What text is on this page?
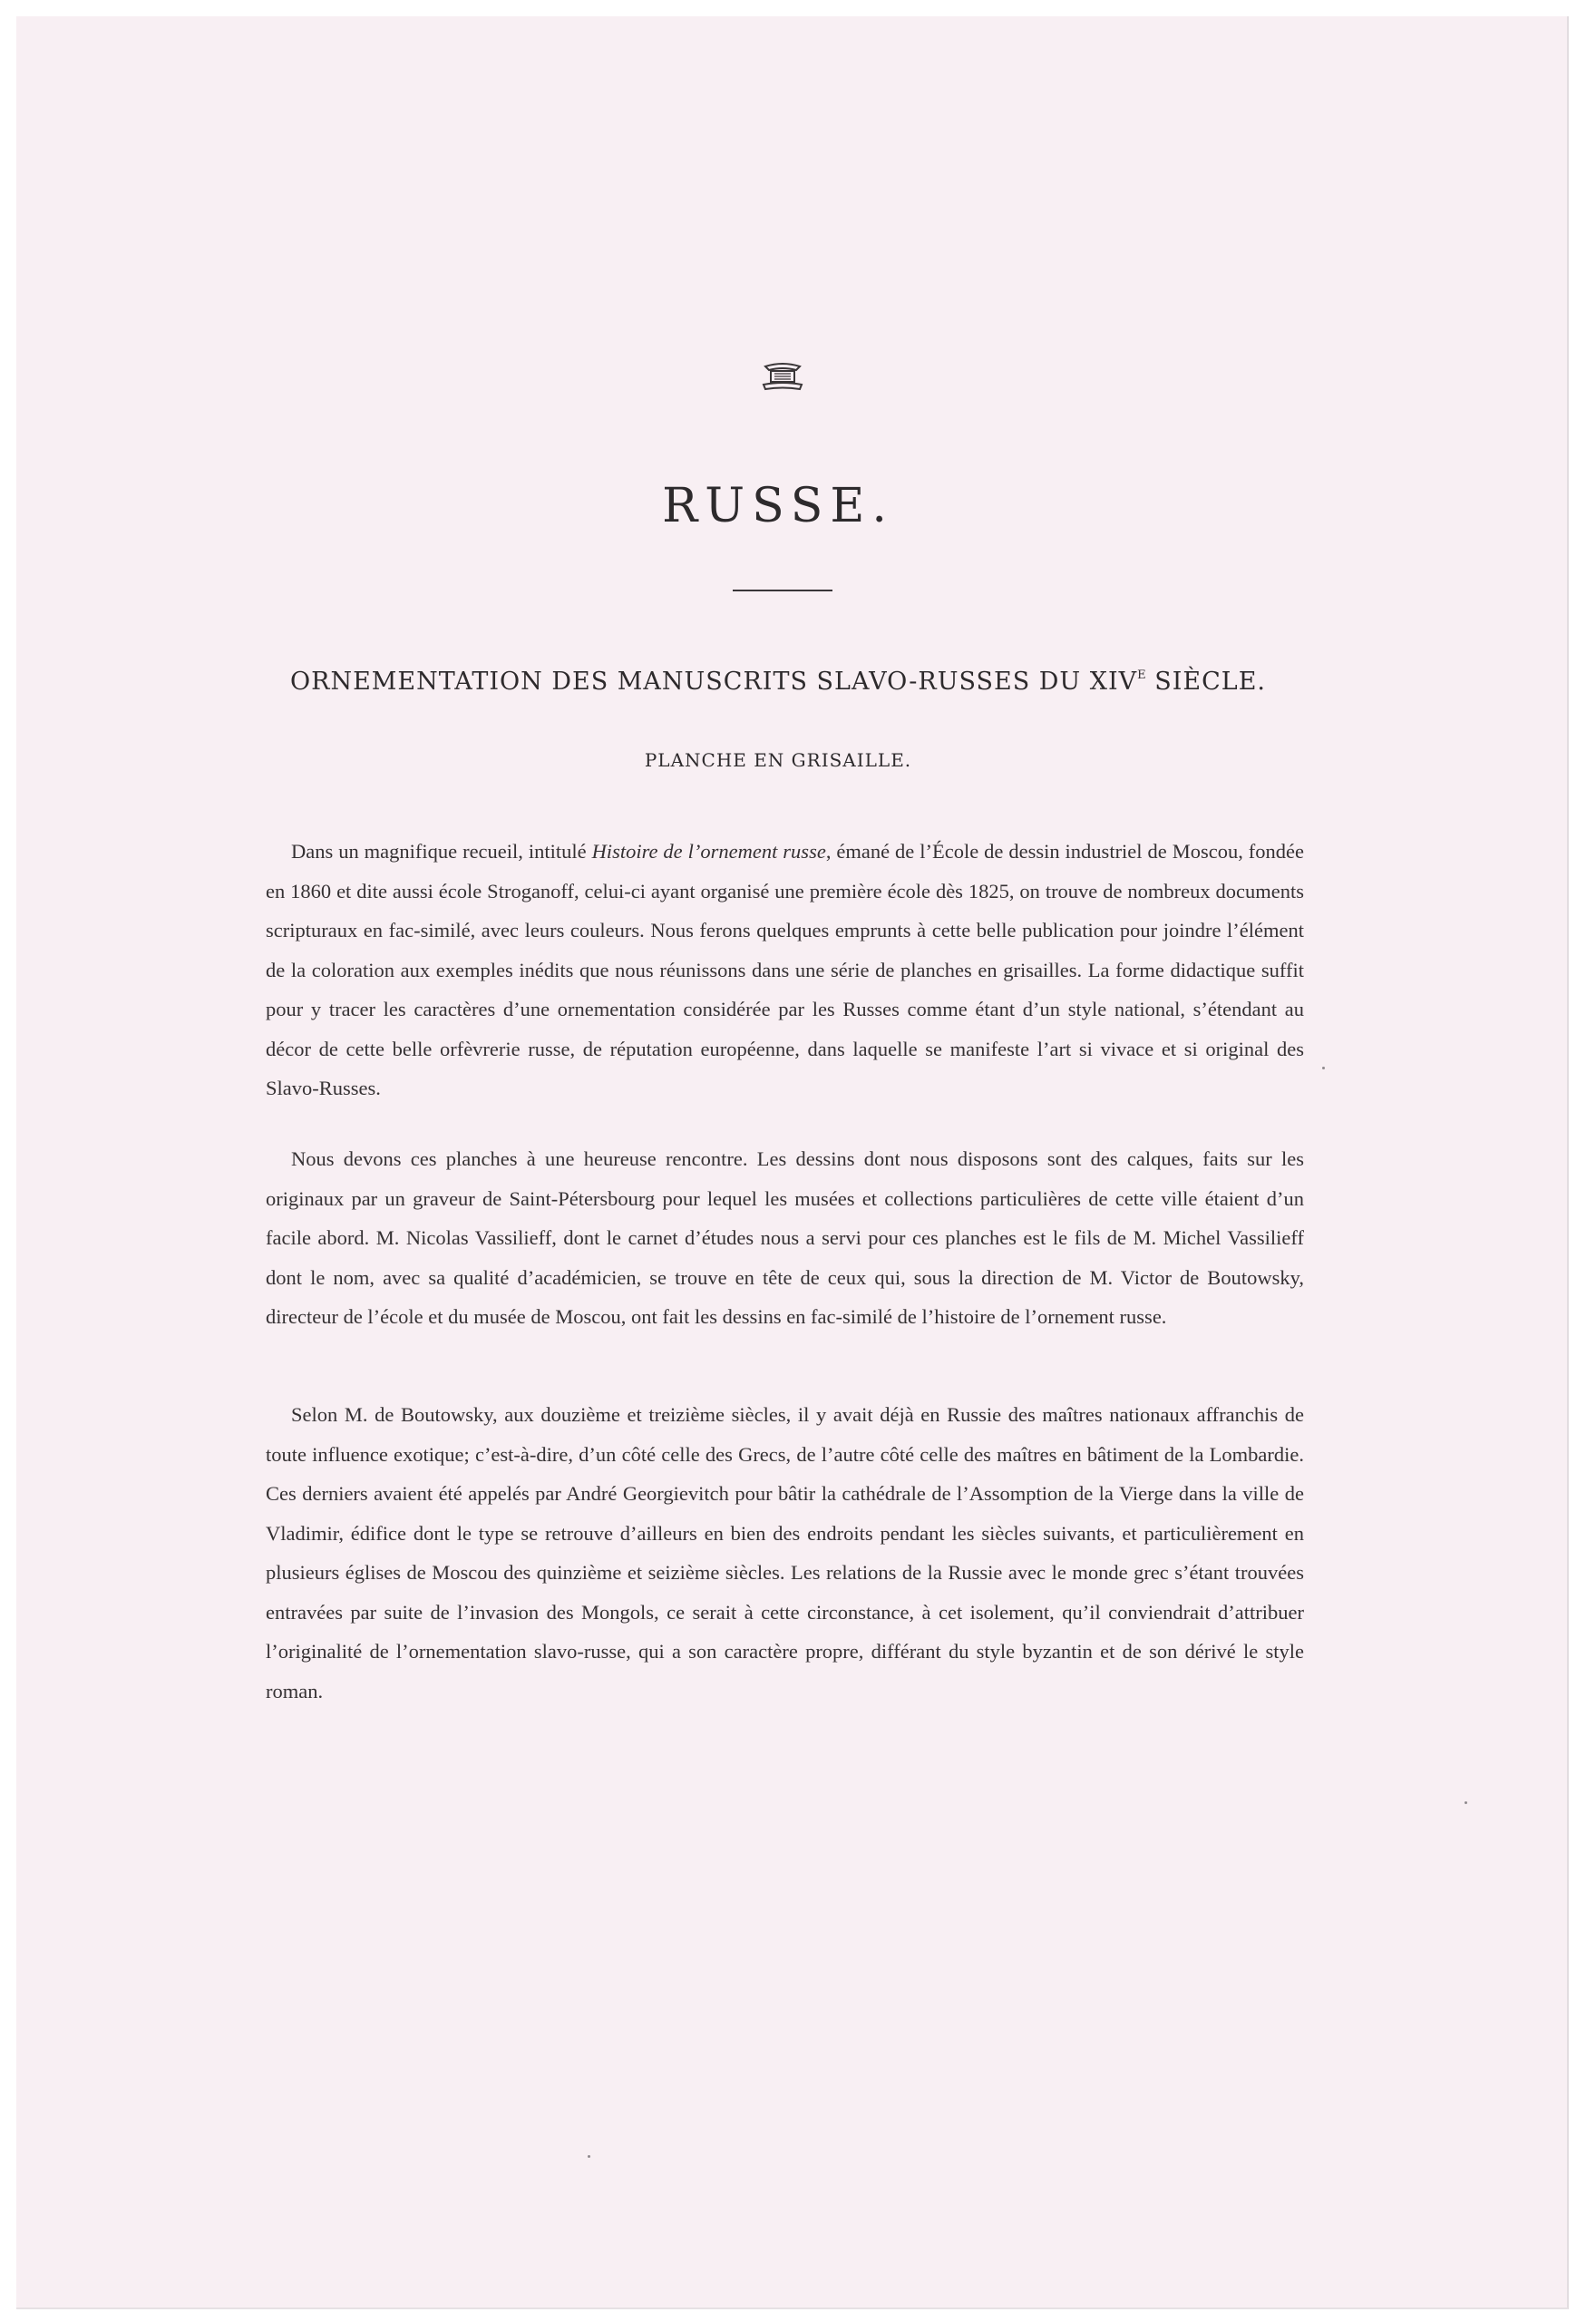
RUSSE.
ORNEMENTATION DES MANUSCRITS SLAVO-RUSSES DU $XIV^E$ SIÈCLE.

PLANCHE EN GRISAILLE.

Dans un magnifique recueil, intitulé Histoire de l’ornement russe, émané de l’École de dessin industriel de Moscou, fondée en 1860 et dite aussi école Stroganoff, celui-ci ayant organisé une première école dès 1825, on trouve de nombreux documents scripturaux en fac-similé, avec leurs couleurs. Nous ferons quelques emprunts à cette belle publication pour joindre l’élément de la coloration aux exemples inédits que nous réunissons dans une série de planches en grisailles. La forme didactique suffit pour y tracer les caractères d’une ornementation considérée par les Russes comme étant d’un style national, s’étendant au décor de cette belle orfèvrerie russe, de réputation européenne, dans laquelle se manifeste l’art si vivace et si original des Slavo-Russes.

Nous devons ces planches à une heureuse rencontre. Les dessins dont nous disposons sont des calques, faits sur les originaux par un graveur de Saint-Pétersbourg pour lequel les musées et collections particulières de cette ville étaient d’un facile abord. M. Nicolas Vassilieff, dont le carnet d’études nous a servi pour ces planches est le fils de M. Michel Vassilieff dont le nom, avec sa qualité d’académicien, se trouve en tête de ceux qui, sous la direction de M. Victor de Boutowsky, directeur de l’école et du musée de Moscou, ont fait les dessins en fac-similé de l’histoire de l’ornement russe.

Selon M. de Boutowsky, aux douzième et treizième siècles, il y avait déjà en Russie des maîtres nationaux affranchis de toute influence exotique; c’est-à-dire, d’un côté celle des Grecs, de l’autre côté celle des maîtres en bâtiment de la Lombardie. Ces derniers avaient été appelés par André Georgievitch pour bâtir la cathédrale de l’Assomption de la Vierge dans la ville de Vladimir, édifice dont le type se retrouve d’ailleurs en bien des endroits pendant les siècles suivants, et particulièrement en plusieurs églises de Moscou des quinzième et seizième siècles. Les relations de la Russie avec le monde grec s’étant trouvées entravées par suite de l’invasion des Mongols, ce serait à cette circonstance, à cet isolement, qu’il conviendrait d’attribuer l’originalité de l’ornementation slavo-russe, qui a son caractère propre, différant du style byzantin et de son dérivé le style roman.
